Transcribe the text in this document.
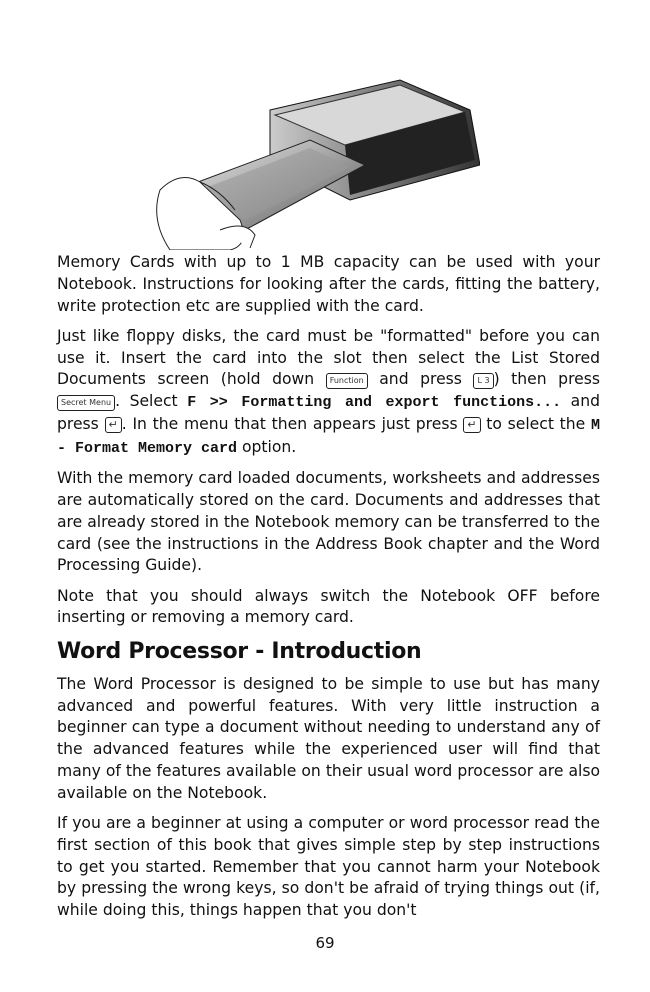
Memory Cards with up to 1 MB capacity can be used with your Notebook. Instructions for looking after the cards, fitting the battery, write protection etc are supplied with the card.

Just like floppy disks, the card must be "formatted" before you can use it. Insert the card into the slot then select the List Stored Documents screen (hold down Function and press L 3 ) then press Secret Menu . Select F >> Formatting and export functions... and press ↵ . In the menu that then appears just press ↵ to select the M - Format Memory card option.

With the memory card loaded documents, worksheets and addresses are automatically stored on the card. Documents and addresses that are already stored in the Notebook memory can be transferred to the card (see the instructions in the Address Book chapter and the Word Processing Guide).

Note that you should always switch the Notebook OFF before inserting or removing a memory card.

Word Processor - Introduction

The Word Processor is designed to be simple to use but has many advanced and powerful features. With very little instruction a beginner can type a document without needing to understand any of the advanced features while the experienced user will find that many of the features available on their usual word processor are also available on the Notebook.

If you are a beginner at using a computer or word processor read the first section of this book that gives simple step by step instructions to get you started. Remember that you cannot harm your Notebook by pressing the wrong keys, so don't be afraid of trying things out (if, while doing this, things happen that you don't

69
